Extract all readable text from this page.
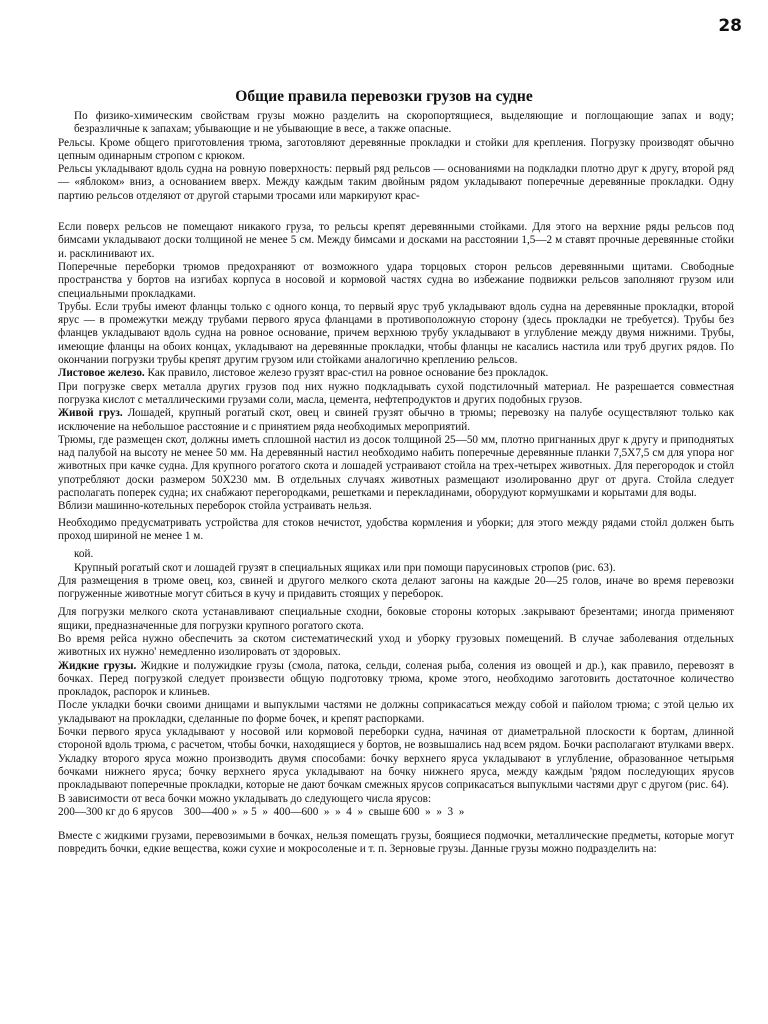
28
Общие правила перевозки грузов на судне

По физико-химическим свойствам грузы можно разделить на скоропортящиеся, выделяющие и поглощающие запах и воду; безразличные к запахам; убывающие и не убывающие в весе, а также опасные.

Рельсы. Кроме общего приготовления трюма, заготовляют деревянные прокладки и стойки для крепления. Погрузку производят обычно цепным одинарным стропом с крюком.

Рельсы укладывают вдоль судна на ровную поверхность: первый ряд рельсов — основаниями на подкладки плотно друг к другу, второй ряд — «яблоком» вниз, а основанием вверх. Между каждым таким двойным рядом укладывают поперечные деревянные прокладки. Одну партию рельсов отделяют от другой старыми тросами или маркируют крас-

Если поверх рельсов не помещают никакого груза, то рельсы крепят деревянными стойками. Для этого на верхние ряды рельсов под бимсами укладывают доски толщиной не менее 5 см. Между бимсами и досками на расстоянии 1,5—2 м ставят прочные деревянные стойки и. расклинивают их.

Поперечные переборки трюмов предохраняют от возможного удара торцовых сторон рельсов деревянными щитами. Свободные пространства у бортов на изгибах корпуса в носовой и кормовой частях судна во избежание подвижки рельсов заполняют грузом или специальными прокладками.

Трубы. Если трубы имеют фланцы только с одного конца, то первый ярус труб укладывают вдоль судна на деревянные прокладки, второй ярус — в промежутки между трубами первого яруса фланцами в противоположную сторону (здесь прокладки не требуется). Трубы без фланцев укладывают вдоль судна на ровное основание, причем верхнюю трубу укладывают в углубление между двумя нижними. Трубы, имеющие фланцы на обоих концах, укладывают на деревянные прокладки, чтобы фланцы не касались настила или труб других рядов. По окончании погрузки трубы крепят другим грузом или стойками аналогично креплению рельсов.

Листовое железо. Как правило, листовое железо грузят врас-стил на ровное основание без прокладок.

При погрузке сверх металла других грузов под них нужно подкладывать сухой подстилочный материал. Не разрешается совместная погрузка кислот с металлическими грузами соли, масла, цемента, нефтепродуктов и других подобных грузов.

Живой груз. Лошадей, крупный рогатый скот, овец и свиней грузят обычно в трюмы; перевозку на палубе осуществляют только как исключение на небольшое расстояние и с принятием ряда необходимых мероприятий.

Трюмы, где размещен скот, должны иметь сплошной настил из досок толщиной 25—50 мм, плотно пригнанных друг к другу и приподнятых над палубой на высоту не менее 50 мм. На деревянный настил необходимо набить поперечные деревянные планки 7,5Х7,5 см для упора ног животных при качке судна. Для крупного рогатого скота и лошадей устраивают стойла на трех-четырех животных. Для перегородок и стойл употребляют доски размером 50Х230 мм. В отдельных случаях животных размещают изолированно друг от друга. Стойла следует располагать поперек судна; их снабжают перегородками, решетками и перекладинами, оборудуют кормушками и корытами для воды.

Вблизи машинно-котельных переборок стойла устраивать нельзя.

Необходимо предусматривать устройства для стоков нечистот, удобства кормления и уборки; для этого между рядами стойл должен быть проход шириной не менее 1 м.

кой.

Крупный рогатый скот и лошадей грузят в специальных ящиках или при помощи парусиновых стропов (рис. 63).

Для размещения в трюме овец, коз, свиней и другого мелкого скота делают загоны на каждые 20—25 голов, иначе во время перевозки погруженные животные могут сбиться в кучу и придавить стоящих у переборок.

Для погрузки мелкого скота устанавливают специальные сходни, боковые стороны которых .закрывают брезентами; иногда применяют ящики, предназначенные для погрузки крупного рогатого скота.

Во время рейса нужно обеспечить за скотом систематический уход и уборку грузовых помещений. В случае заболевания отдельных животных их нужно' немедленно изолировать от здоровых.

Жидкие грузы. Жидкие и полужидкие грузы (смола, патока, сельди, соленая рыба, соления из овощей и др.), как правило, перевозят в бочках. Перед погрузкой следует произвести общую подготовку трюма, кроме этого, необходимо заготовить достаточное количество прокладок, распорок и клиньев.

После укладки бочки своими днищами и выпуклыми частями не должны соприкасаться между собой и пайолом трюма; с этой целью их укладывают на прокладки, сделанные по форме бочек, и крепят распорками.

Бочки первого яруса укладывают у носовой или кормовой переборки судна, начиная от диаметральной плоскости к бортам, длинной стороной вдоль трюма, с расчетом, чтобы бочки, находящиеся у бортов, не возвышались над всем рядом. Бочки располагают втулками вверх. Укладку второго яруса можно производить двумя способами: бочку верхнего яруса укладывают в углубление, образованное четырьмя бочками нижнего яруса; бочку верхнего яруса укладывают на бочку нижнего яруса, между каждым 'рядом последующих ярусов прокладывают поперечные прокладки, которые не дают бочкам смежных ярусов соприкасаться выпуклыми частями друг с другом (рис. 64).

В зависимости от веса бочки можно укладывать до следующего числа ярусов:

200—300 кг до 6 ярусов    300—400 »  » 5  »  400—600  »  »  4  »  свыше 600  »  »  3  »

Вместе с жидкими грузами, перевозимыми в бочках, нельзя помещать грузы, боящиеся подмочки, металлические предметы, которые могут повредить бочки, едкие вещества, кожи сухие и мокросоленые и т. п. Зерновые грузы. Данные грузы можно подразделить на:
